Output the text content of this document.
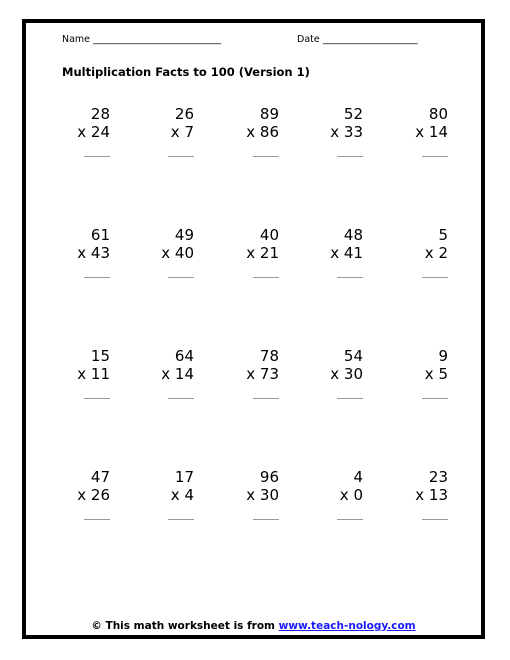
Name ___________________________	Date ____________________
Multiplication Facts to 100 (Version 1)
28
x 24
26
x 7
89
x 86
52
x 33
80
x 14
61
x 43
49
x 40
40
x 21
48
x 41
5
x 2
15
x 11
64
x 14
78
x 73
54
x 30
9
x 5
47
x 26
17
x 4
96
x 30
4
x 0
23
x 13
© This math worksheet is from www.teach-nology.com
